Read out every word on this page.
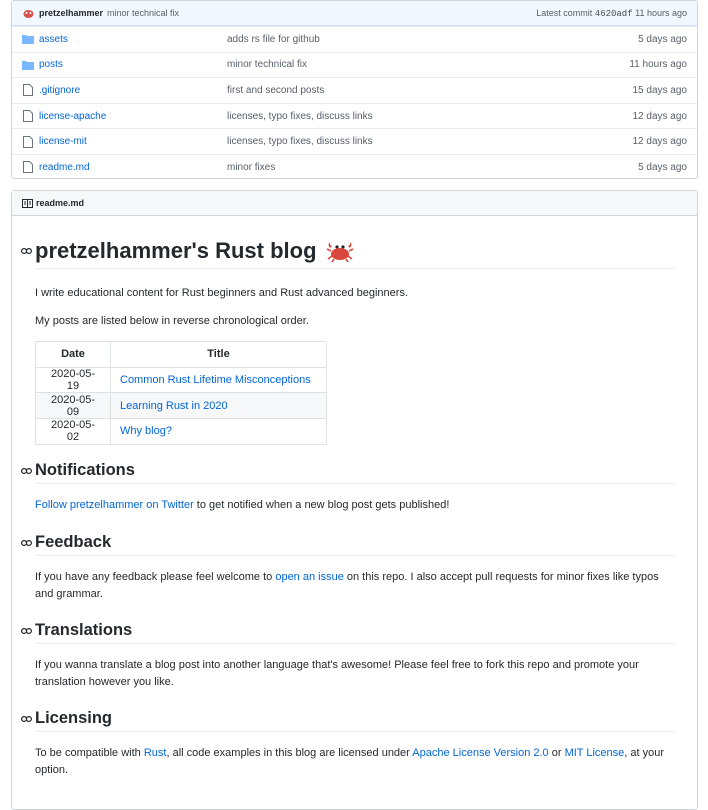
pretzelhammer minor technical fix	Latest commit 4620adf 11 hours ago
assets	adds rs file for github	5 days ago
posts	minor technical fix	11 hours ago
.gitignore	first and second posts	15 days ago
license-apache	licenses, typo fixes, discuss links	12 days ago
license-mit	licenses, typo fixes, discuss links	12 days ago
readme.md	minor fixes	5 days ago
readme.md
pretzelhammer's Rust blog
I write educational content for Rust beginners and Rust advanced beginners.
My posts are listed below in reverse chronological order.
Date	Title
2020-05-19	Common Rust Lifetime Misconceptions
2020-05-09	Learning Rust in 2020
2020-05-02	Why blog?
Notifications
Follow pretzelhammer on Twitter to get notified when a new blog post gets published!
Feedback
If you have any feedback please feel welcome to open an issue on this repo. I also accept pull requests for minor fixes like typos and grammar.
Translations
If you wanna translate a blog post into another language that's awesome! Please feel free to fork this repo and promote your translation however you like.
Licensing
To be compatible with Rust, all code examples in this blog are licensed under Apache License Version 2.0 or MIT License, at your option.
